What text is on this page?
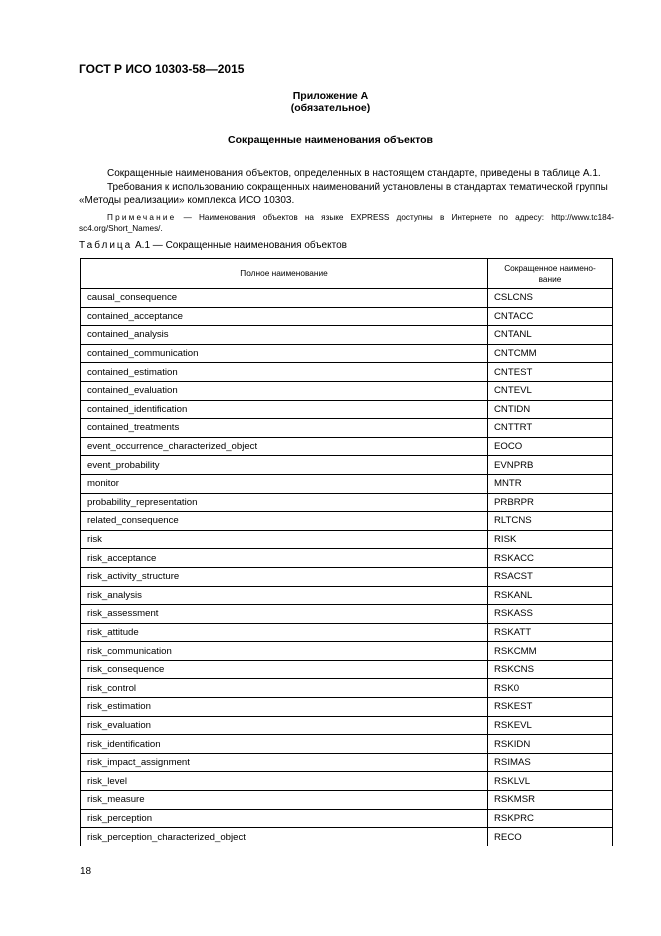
ГОСТ Р ИСО 10303-58—2015
Приложение А
(обязательное)
Сокращенные наименования объектов
Сокращенные наименования объектов, определенных в настоящем стандарте, приведены в таблице А.1.
Требования к использованию сокращенных наименований установлены в стандартах тематической группы «Методы реализации» комплекса ИСО 10303.
Примечание — Наименования объектов на языке EXPRESS доступны в Интернете по адресу: http://www.tc184-sc4.org/Short_Names/.
Таблица А.1 — Сокращенные наименования объектов
Полное наименование	Сокращенное наимено-вание
causal_consequence	CSLCNS
contained_acceptance	CNTACC
contained_analysis	CNTANL
contained_communication	CNTCMM
contained_estimation	CNTEST
contained_evaluation	CNTEVL
contained_identification	CNTIDN
contained_treatments	CNTTRT
event_occurrence_characterized_object	EOCO
event_probability	EVNPRB
monitor	MNTR
probability_representation	PRBRPR
related_consequence	RLTCNS
risk	RISK
risk_acceptance	RSKACC
risk_activity_structure	RSACST
risk_analysis	RSKANL
risk_assessment	RSKASS
risk_attitude	RSKATT
risk_communication	RSKCMM
risk_consequence	RSKCNS
risk_control	RSK0
risk_estimation	RSKEST
risk_evaluation	RSKEVL
risk_identification	RSKIDN
risk_impact_assignment	RSIMAS
risk_level	RSKLVL
risk_measure	RSKMSR
risk_perception	RSKPRC
risk_perception_characterized_object	RECO
18
